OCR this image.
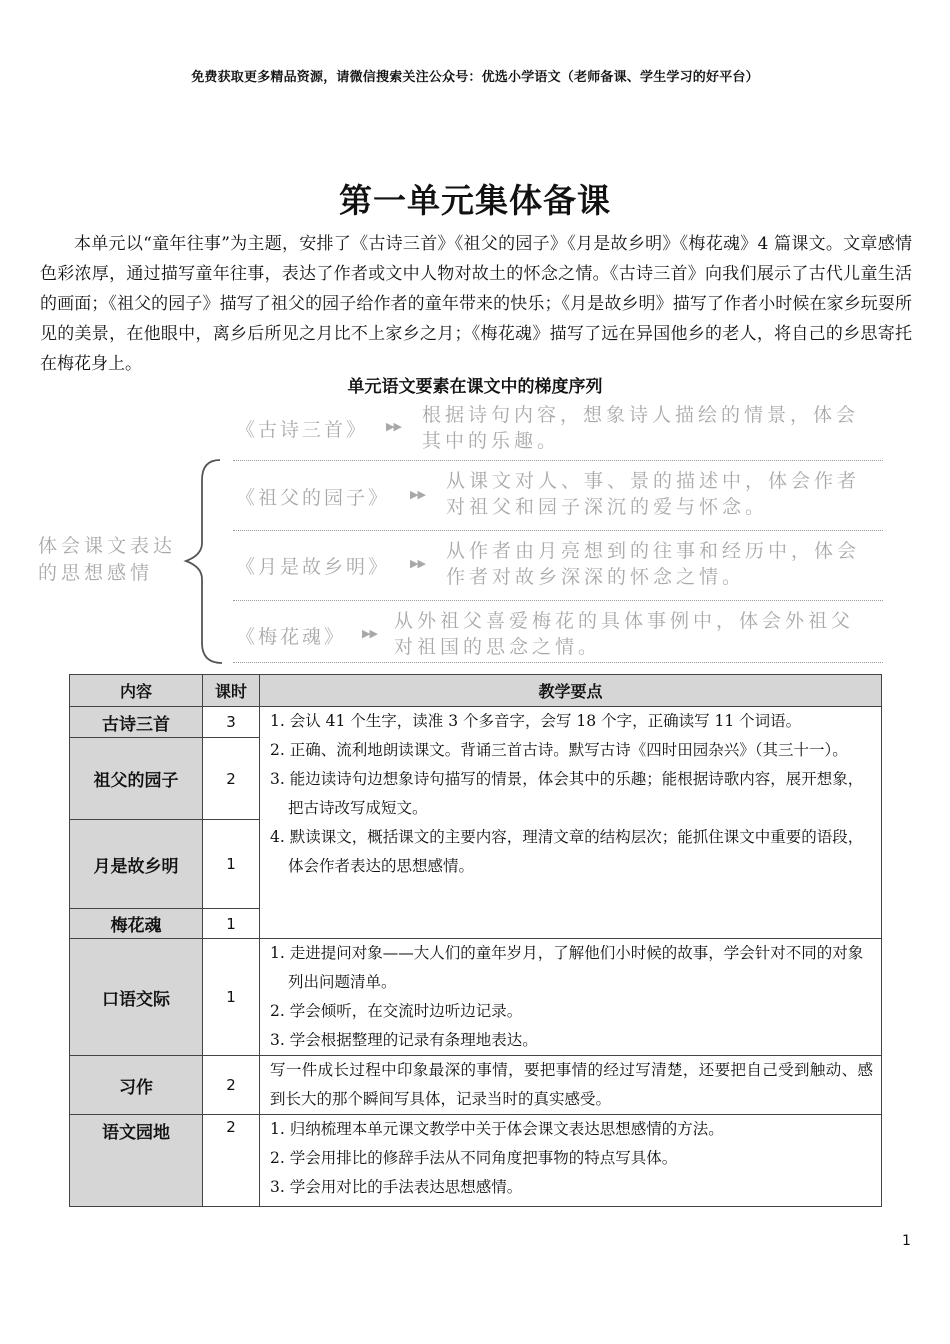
免费获取更多精品资源，请微信搜索关注公众号：优选小学语文（老师备课、学生学习的好平台）
第一单元集体备课

本单元以“童年往事”为主题，安排了《古诗三首》《祖父的园子》《月是故乡明》《梅花魂》4 篇课文。文章感情色彩浓厚，通过描写童年往事，表达了作者或文中人物对故土的怀念之情。《古诗三首》向我们展示了古代儿童生活的画面；《祖父的园子》描写了祖父的园子给作者的童年带来的快乐；《月是故乡明》描写了作者小时候在家乡玩耍所见的美景，在他眼中，离乡后所见之月比不上家乡之月；《梅花魂》描写了远在异国他乡的老人，将自己的乡思寄托在梅花身上。

单元语文要素在课文中的梯度序列
体会课文表达
的思想感情
《古诗三首》 ▶▶
根据诗句内容，想象诗人描绘的情景，体会
其中的乐趣。
《祖父的园子》 ▶▶
从课文对人、事、景的描述中，体会作者
对祖父和园子深沉的爱与怀念。
《月是故乡明》 ▶▶
从作者由月亮想到的往事和经历中，体会
作者对故乡深深的怀念之情。
《梅花魂》 ▶▶
从外祖父喜爱梅花的具体事例中，体会外祖父
对祖国的思念之情。
内容	课时	教学要点
古诗三首	3	1. 会认 41 个生字，读准 3 个多音字，会写 18 个字，正确读写 11 个词语。
2. 正确、流利地朗读课文。背诵三首古诗。默写古诗《四时田园杂兴》（其三十一）。
3. 能边读诗句边想象诗句描写的情景，体会其中的乐趣；能根据诗歌内容，展开想象，把古诗改写成短文。
4. 默读课文，概括课文的主要内容，理清文章的结构层次；能抓住课文中重要的语段，体会作者表达的思想感情。

祖父的园子	2	
月是故乡明	1	
梅花魂	1	
口语交际	1	1. 走进提问对象——大人们的童年岁月，了解他们小时候的故事，学会针对不同的对象列出问题清单。
2. 学会倾听，在交流时边听边记录。
3. 学会根据整理的记录有条理地表达。

习作	2	写一件成长过程中印象最深的事情，要把事情的经过写清楚，还要把自己受到触动、感到长大的那个瞬间写具体，记录当时的真实感受。

语文园地	2	1. 归纳梳理本单元课文教学中关于体会课文表达思想感情的方法。
2. 学会用排比的修辞手法从不同角度把事物的特点写具体。
3. 学会用对比的手法表达思想感情。
1
